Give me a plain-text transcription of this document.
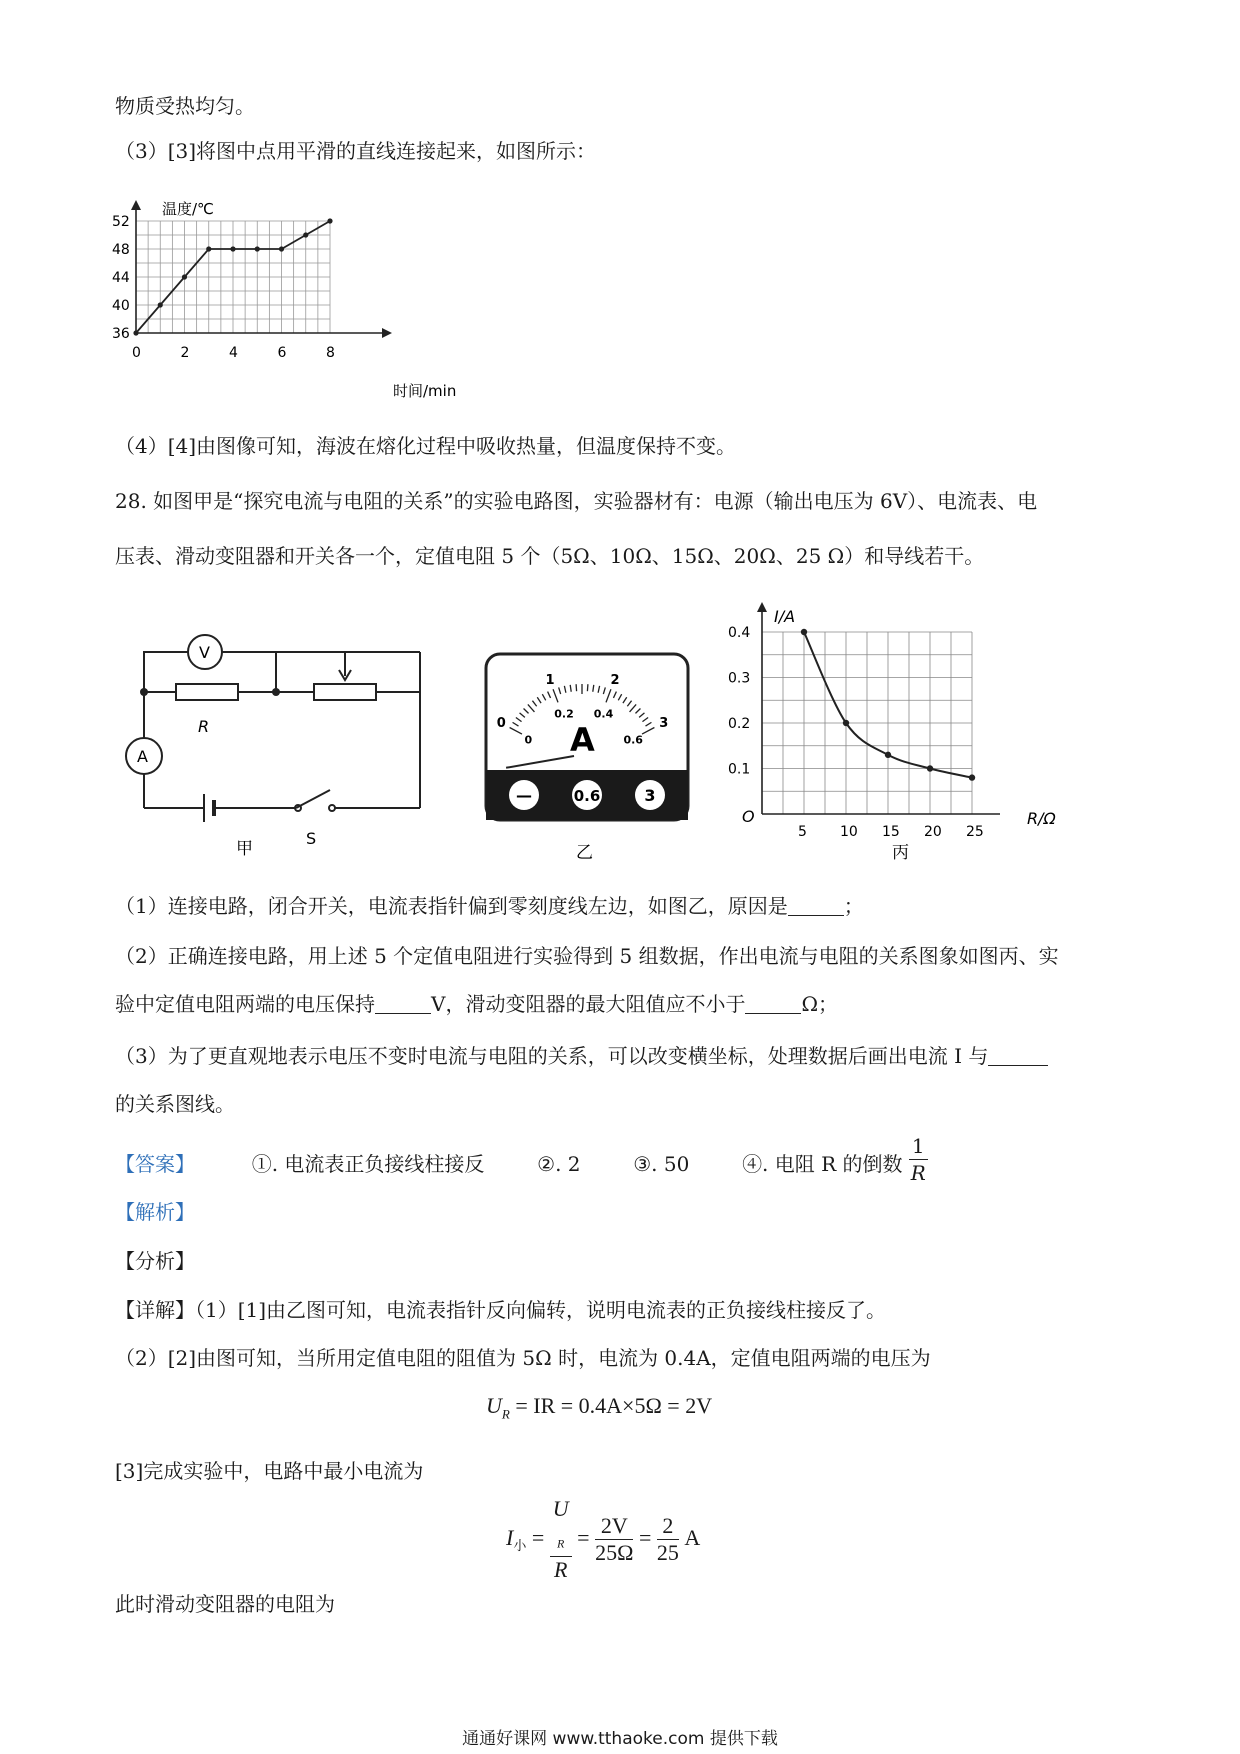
物质受热均匀。
（3）[3]将图中点用平滑的直线连接起来，如图所示：
52
48
44
40
36
0	2	4	6	8
温度/℃
时间/min
（4）[4]由图像可知，海波在熔化过程中吸收热量，但温度保持不变。
28. 如图甲是“探究电流与电阻的关系”的实验电路图，实验器材有：电源（输出电压为 6V）、电流表、电
压表、滑动变阻器和开关各一个，定值电阻 5 个（5Ω、10Ω、15Ω、20Ω、25 Ω）和导线若干。
V
A
R
S
甲
0
1	2
3
0
0.2 0.4
0.6
A
—	0.6	3
乙
0.4
0.3
0.2
0.1
5 10 15 20 25
I/A
R/Ω
O
丙
（1）连接电路，闭合开关，电流表指针偏到零刻度线左边，如图乙，原因是	；
（2）正确连接电路，用上述 5 个定值电阻进行实验得到 5 组数据，作出电流与电阻的关系图象如图丙、实
验中定值电阻两端的电压保持	V，滑动变阻器的最大阻值应不小于	Ω；
（3）为了更直观地表示电压不变时电流与电阻的关系，可以改变横坐标，处理数据后画出电流 I 与
的关系图线。
【答案】	①. 电流表正负接线柱接反	②. 2	③. 50	④. 电阻 R 的倒数 $\frac{1}{R}$
【解析】
【分析】
【详解】（1）[1]由乙图可知，电流表指针反向偏转，说明电流表的正负接线柱接反了。
（2）[2]由图可知，当所用定值电阻的阻值为 5Ω 时，电流为 0.4A，定值电阻两端的电压为
$U_R$ = IR = 0.4A×5Ω = 2V
[3]完成实验中，电路中最小电流为
$I_小 = U$
$_R$
$R = \frac{2V}{25\Omega} = \frac{2}{25}$ A
此时滑动变阻器的电阻为
通通好课网 www.tthaoke.com 提供下载
